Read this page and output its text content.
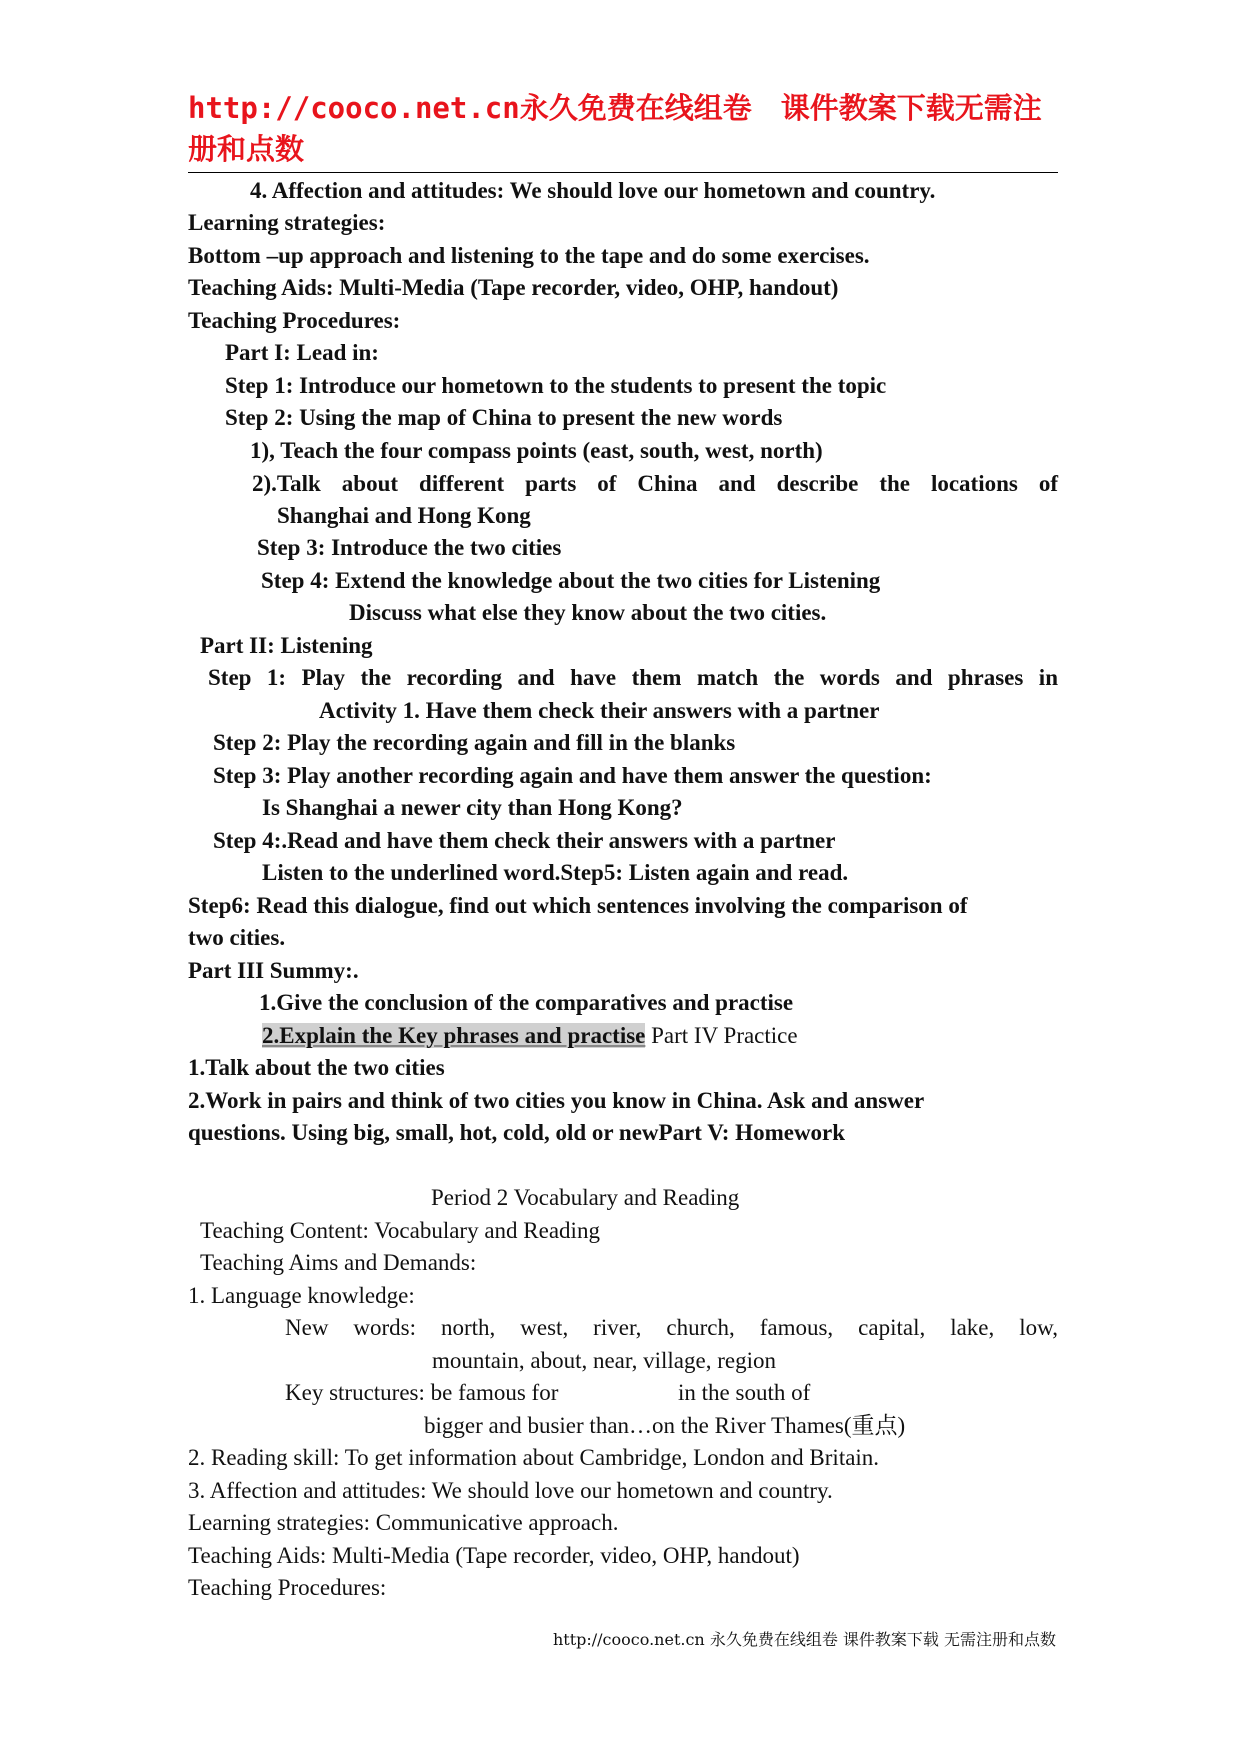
http://cooco.net.cn永久免费在线组卷　课件教案下载无需注
册和点数

4. Affection and attitudes: We should love our hometown and country.

Learning strategies:

Bottom –up approach and listening to the tape and do some exercises.

Teaching Aids: Multi-Media (Tape recorder, video, OHP, handout)

Teaching Procedures:

Part I: Lead in:

Step 1: Introduce our hometown to the students to present the topic

Step 2: Using the map of China to present the new words

1), Teach the four compass points (east, south, west, north)

2).Talk about different parts of China and describe the locations of

Shanghai and Hong Kong

Step 3: Introduce the two cities

Step 4: Extend the knowledge about the two cities for Listening

Discuss what else they know about the two cities.

Part II: Listening

Step 1: Play the recording and have them match the words and phrases in

Activity 1. Have them check their answers with a partner

Step 2: Play the recording again and fill in the blanks

Step 3: Play another recording again and have them answer the question:

Is Shanghai a newer city than Hong Kong?

Step 4:.Read and have them check their answers with a partner

Listen to the underlined word.Step5: Listen again and read.

Step6: Read this dialogue, find out which sentences involving the comparison of

two cities.

Part III Summy:.

1.Give the conclusion of the comparatives and practise

2.Explain the Key phrases and practise Part IV Practice

1.Talk about the two cities

2.Work in pairs and think of two cities you know in China. Ask and answer

questions. Using big, small, hot, cold, old or newPart V: Homework

Period 2 Vocabulary and Reading

Teaching Content: Vocabulary and Reading

Teaching Aims and Demands:

1. Language knowledge:

New words: north, west, river, church, famous, capital, lake, low,

mountain, about, near, village, region

Key structures: be famous for	in the south of

bigger and busier than…on the River Thames(重点)

2. Reading skill: To get information about Cambridge, London and Britain.

3. Affection and attitudes: We should love our hometown and country.

Learning strategies: Communicative approach.

Teaching Aids: Multi-Media (Tape recorder, video, OHP, handout)

Teaching Procedures:

http://cooco.net.cn 永久免费在线组卷 课件教案下载 无需注册和点数
